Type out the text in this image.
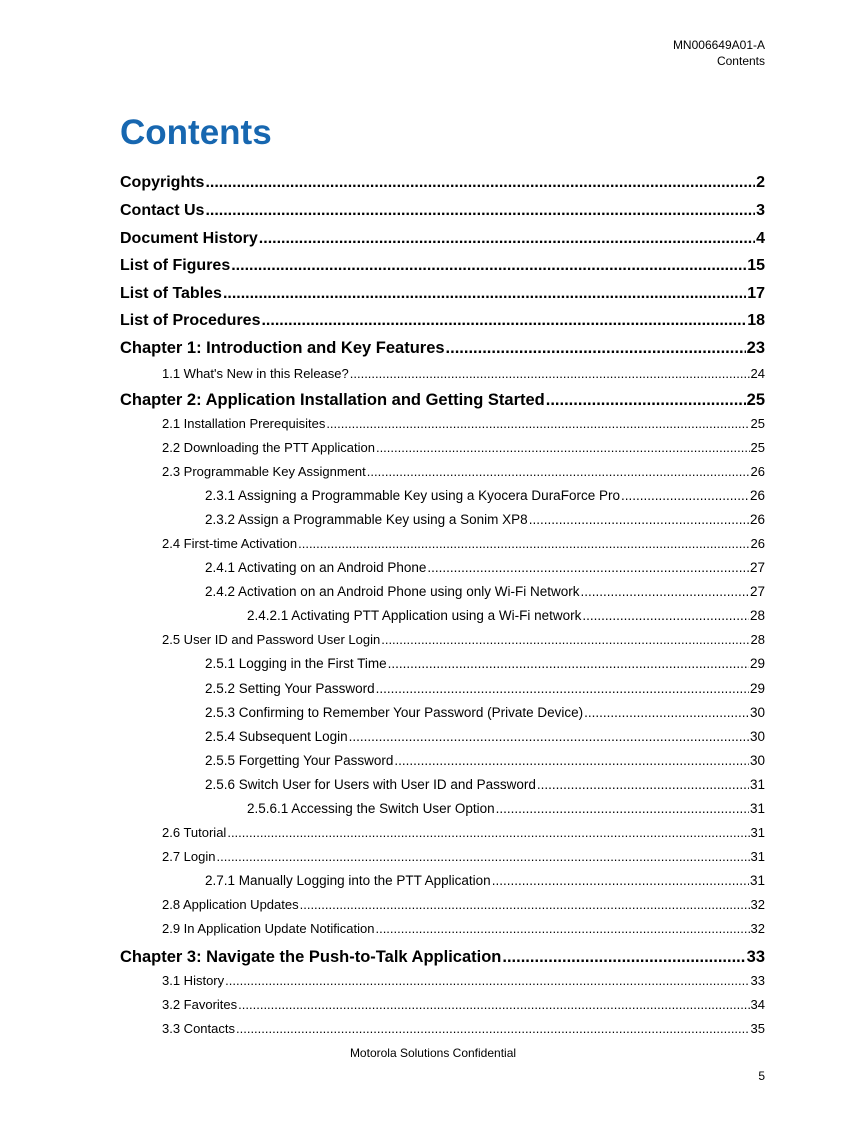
MN006649A01-A
Contents
Contents
Copyrights .....	2
Contact Us .....	3
Document History .....	4
List of Figures .....	15
List of Tables .....	17
List of Procedures .....	18
Chapter 1: Introduction and Key Features .....	23
1.1 What's New in this Release? .....	24
Chapter 2: Application Installation and Getting Started .....	25
2.1 Installation Prerequisites .....	25
2.2 Downloading the PTT Application .....	25
2.3 Programmable Key Assignment .....	26
2.3.1 Assigning a Programmable Key using a Kyocera DuraForce Pro .....	26
2.3.2 Assign a Programmable Key using a Sonim XP8 .....	26
2.4 First-time Activation .....	26
2.4.1 Activating on an Android Phone .....	27
2.4.2 Activation on an Android Phone using only Wi-Fi Network .....	27
2.4.2.1 Activating PTT Application using a Wi-Fi network .....	28
2.5 User ID and Password User Login .....	28
2.5.1 Logging in the First Time .....	29
2.5.2 Setting Your Password .....	29
2.5.3 Confirming to Remember Your Password (Private Device) .....	30
2.5.4 Subsequent Login .....	30
2.5.5 Forgetting Your Password .....	30
2.5.6 Switch User for Users with User ID and Password .....	31
2.5.6.1 Accessing the Switch User Option .....	31
2.6 Tutorial .....	31
2.7 Login .....	31
2.7.1 Manually Logging into the PTT Application .....	31
2.8 Application Updates .....	32
2.9 In Application Update Notification .....	32
Chapter 3: Navigate the Push-to-Talk Application .....	33
3.1 History .....	33
3.2 Favorites .....	34
3.3 Contacts .....	35
Motorola Solutions Confidential
5
